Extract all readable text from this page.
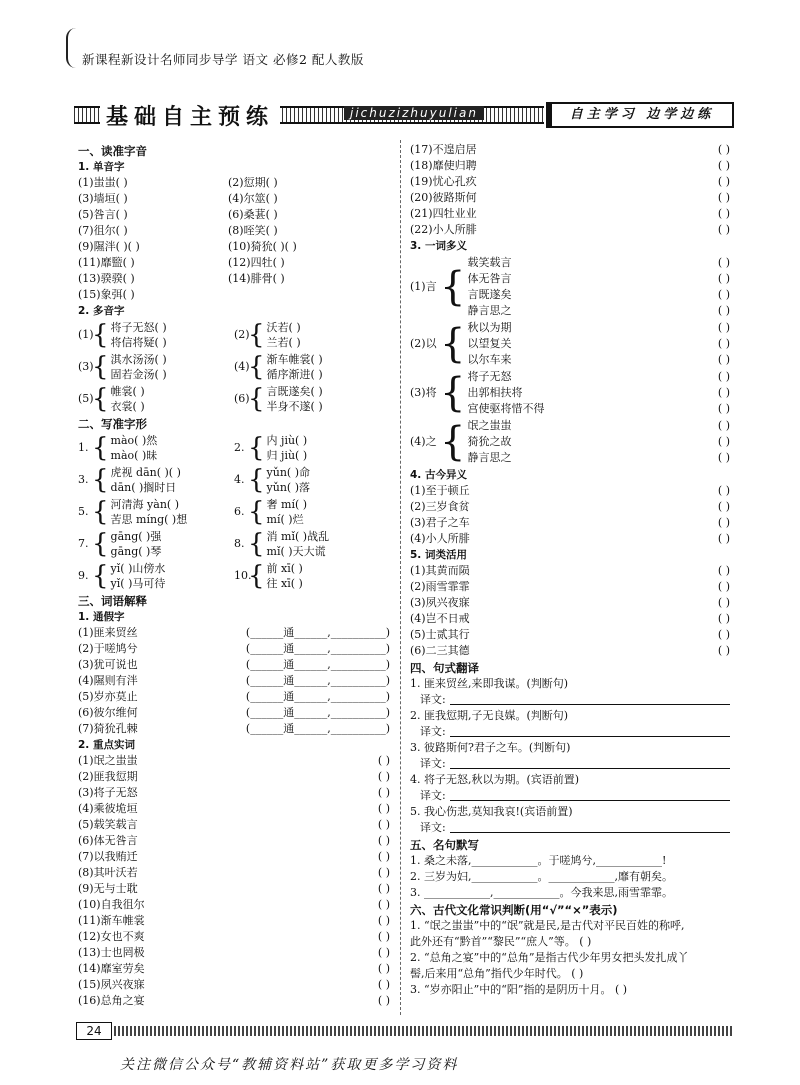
新课程新设计名师同步导学 语文 必修2 配人教版
基础自主预练	jichuzizhuyulian	自主学习 边学边练
一、读准字音
1. 单音字
(1)蚩蚩( )	(2)愆期( )
(3)墙垣( )	(4)尔筮( )
(5)咎言( )	(6)桑葚( )
(7)徂尔( )	(8)咥笑( )
(9)隰泮( )( )	(10)猗狁( )( )
(11)靡盬( )	(12)四牡( )
(13)骙骙( )	(14)腓骨( )
(15)象弭( )
2. 多音字
(1)
{ 将子无怒( )
将信将疑( )
(2)
{ 沃若( )
兰若( )
(3)
{ 淇水汤汤( )
固若金汤( )
(4)
{ 渐车帷裳( )
循序渐进( )
(5)
{ 帷裳( )
衣裳( )
(6)
{ 言既遂矣( )
半身不遂( )
二、写准字形
1. { mào( )然
mào( )昧
2. { 内 jiù( )
归 jiù( )
3. { 虎视 dān( )( )
dān( )搁时日
4. { yǔn( )命
yǔn( )落
5. { 河清海 yàn( )
苦思 míng( )想
6. { 奢 mí( )
mí( )烂
7. { gāng( )强
gāng( )琴
8. { 消 mǐ( )战乱
mǐ( )天大谎
9. { yǐ( )山傍水
yǐ( )马可待
10.
{ 前 xī( )
往 xī( )
三、词语解释
1. 通假字
(1)匪来贸丝	(______通______,__________)
(2)于嗟鸠兮	(______通______,__________)
(3)犹可说也	(______通______,__________)
(4)隰则有泮	(______通______,__________)
(5)岁亦莫止	(______通______,__________)
(6)彼尔维何	(______通______,__________)
(7)猗狁孔棘	(______通______,__________)
2. 重点实词
(1)氓之蚩蚩	( )
(2)匪我愆期	( )
(3)将子无怒	( )
(4)乘彼垝垣	( )
(5)载笑载言	( )
(6)体无咎言	( )
(7)以我贿迁	( )
(8)其叶沃若	( )
(9)无与士耽	( )
(10)自我徂尔	( )
(11)渐车帷裳	( )
(12)女也不爽	( )
(13)士也罔极	( )
(14)靡室劳矣	( )
(15)夙兴夜寐	( )
(16)总角之宴	( )
(17)不遑启居	( )
(18)靡使归聘	( )
(19)忧心孔疚	( )
(20)彼路斯何	( )
(21)四牡业业	( )
(22)小人所腓	( )
3. 一词多义
(1)言 {
载笑载言	( )
体无咎言	( )
言既遂矣	( )
静言思之	( )
(2)以 { 秋以为期	( )
以望复关	( )
以尔车来	( )
(3)将 { 将子无怒	( )
出郭相扶将	( )
宫使驱将惜不得	( )
(4)之 { 氓之蚩蚩	( )
猗狁之故	( )
静言思之	( )
4. 古今异义
(1)至于顿丘	( )
(2)三岁食贫	( )
(3)君子之车	( )
(4)小人所腓	( )
5. 词类活用
(1)其黄而陨	( )
(2)雨雪霏霏	( )
(3)夙兴夜寐	( )
(4)岂不日戒	( )
(5)士贰其行	( )
(6)二三其德	( )
四、句式翻译
1. 匪来贸丝,来即我谋。(判断句)
译文:
2. 匪我愆期,子无良媒。(判断句)
译文:
3. 彼路斯何?君子之车。(判断句)
译文:
4. 将子无怒,秋以为期。(宾语前置)
译文:
5. 我心伤悲,莫知我哀!(宾语前置)
译文:
五、名句默写
1. 桑之未落,____________。于嗟鸠兮,____________!
2. 三岁为妇,____________。____________,靡有朝矣。
3. ____________,____________。今我来思,雨雪霏霏。
六、古代文化常识判断(用“√”“×”表示)
1. “氓之蚩蚩”中的“氓”就是民,是古代对平民百姓的称呼,
此外还有“黔首”“黎民”“庶人”等。 ( )
2. “总角之宴”中的“总角”是指古代少年男女把头发扎成丫
髻,后来用“总角”指代少年时代。 ( )
3. “岁亦阳止”中的“阳”指的是阴历十月。 ( )
24
关注微信公众号“教辅资料站”获取更多学习资料
